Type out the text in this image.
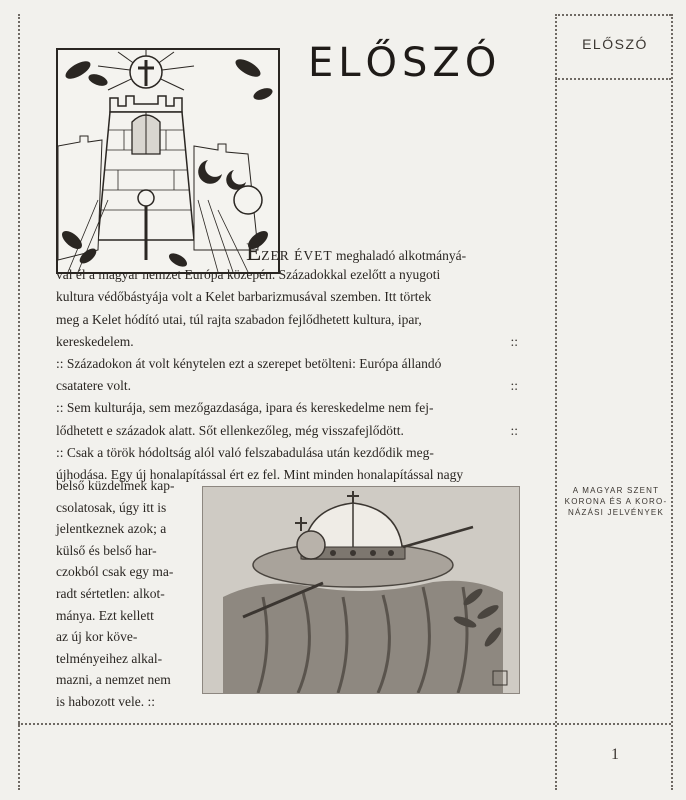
ELŐSZÓ
ELŐSZÓ
EZER ÉVET meghaladó alkotmányá-
val él a magyar nemzet Európa közepén. Századokkal ezelőtt a nyugoti
kultura védőbástyája volt a Kelet barbarizmusával szemben. Itt törtek
meg a Kelet hódító utai, túl rajta szabadon fejlődhetett kultura, ipar,
kereskedelem.	::
:: Századokon át volt kénytelen ezt a szerepet betölteni: Európa állandó
csatatere volt.	::
:: Sem kulturája, sem mezőgazdasága, ipara és kereskedelme nem fej-
lődhetett e századok alatt. Sőt ellenkezőleg, még visszafejlődött.	::
:: Csak a török hódoltság alól való felszabadulása után kezdődik meg-
újhodása. Egy új honalapítással ért ez fel. Mint minden honalapítással nagy
belső küzdelmek kap-
csolatosak, úgy itt is
jelentkeznek azok; a
külső és belső har-
czokból csak egy ma-
radt sértetlen: alkot-
mánya. Ezt kellett
az új kor köve-
telményeihez alkal-
mazni, a nemzet nem
is habozott vele. ::
A MAGYAR SZENT KORONA ÉS A KORO-NÁZÁSI JELVÉNYEK
1
